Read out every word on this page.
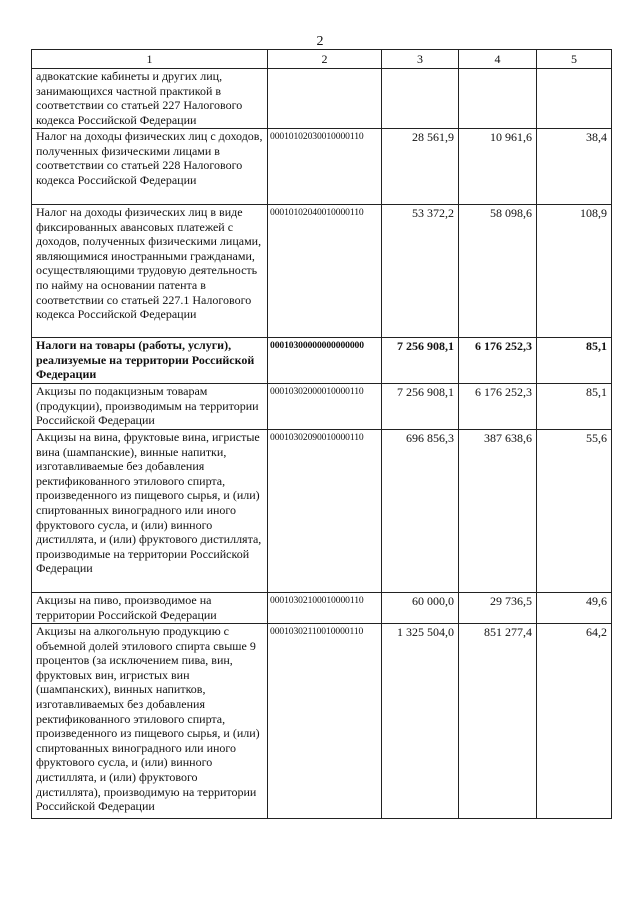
2
1	2	3	4	5
адвокатские кабинеты и других лиц, занимающихся частной практикой в соответствии со статьей 227 Налогового кодекса Российской Федерации				
Налог на доходы физических лиц с доходов, полученных физическими лицами в соответствии со статьей 228 Налогового кодекса Российской Федерации	00010102030010000110	28 561,9	10 961,6	38,4
Налог на доходы физических лиц в виде фиксированных авансовых платежей с доходов, полученных физическими лицами, являющимися иностранными гражданами, осуществляющими трудовую деятельность по найму на основании патента в соответствии со статьей 227.1 Налогового кодекса Российской Федерации	00010102040010000110	53 372,2	58 098,6	108,9
Налоги на товары (работы, услуги), реализуемые на территории Российской Федерации	00010300000000000000	7 256 908,1	6 176 252,3	85,1
Акцизы по подакцизным товарам (продукции), производимым на территории Российской Федерации	00010302000010000110	7 256 908,1	6 176 252,3	85,1
Акцизы на вина, фруктовые вина, игристые вина (шампанские), винные напитки, изготавливаемые без добавления ректификованного этилового спирта, произведенного из пищевого сырья, и (или) спиртованных виноградного или иного фруктового сусла, и (или) винного дистиллята, и (или) фруктового дистиллята, производимые на территории Российской Федерации	00010302090010000110	696 856,3	387 638,6	55,6
Акцизы на пиво, производимое на территории Российской Федерации	00010302100010000110	60 000,0	29 736,5	49,6
Акцизы на алкогольную продукцию с объемной долей этилового спирта свыше 9 процентов (за исключением пива, вин, фруктовых вин, игристых вин (шампанских), винных напитков, изготавливаемых без добавления ректификованного этилового спирта, произведенного из пищевого сырья, и (или) спиртованных виноградного или иного фруктового сусла, и (или) винного дистиллята, и (или) фруктового дистиллята), производимую на территории Российской Федерации	00010302110010000110	1 325 504,0	851 277,4	64,2
